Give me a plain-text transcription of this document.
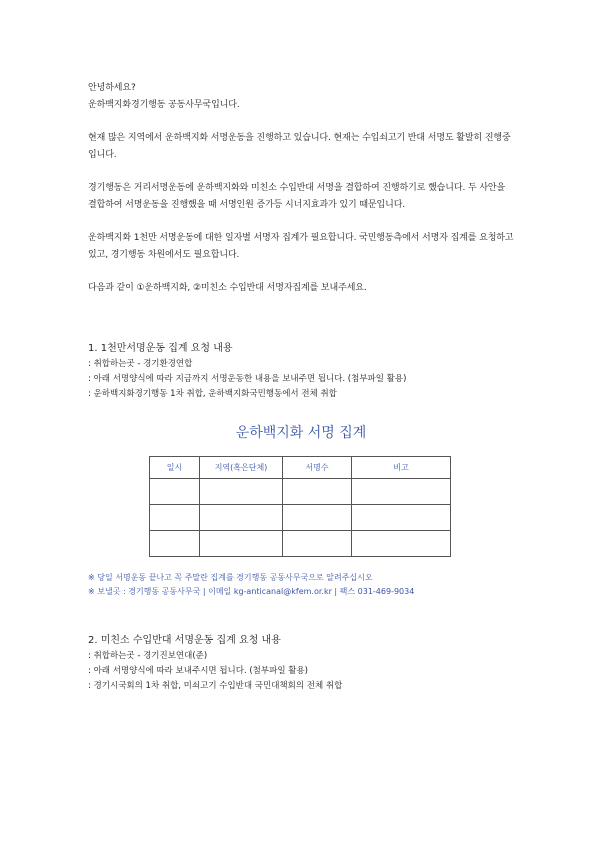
안녕하세요?

운하백지화경기행동 공동사무국입니다.

현재 많은 지역에서 운하백지화 서명운동을 진행하고 있습니다. 현재는 수입쇠고기 반대 서명도 활발히 진행중입니다.

경기행동은 거리서명운동에 운하백지화와 미친소 수입반대 서명을 결합하여 진행하기로 했습니다. 두 사안을 결합하여 서명운동을 진행했을 때 서명인원 증가등 시너지효과가 있기 때문입니다.

운하백지화 1천만 서명운동에 대한 일자별 서명자 집계가 필요합니다. 국민행동측에서 서명자 집계를 요청하고 있고, 경기행동 차원에서도 필요합니다.

다음과 같이 ①운하백지화, ②미친소 수입반대 서명자집계를 보내주세요.

1. 1천만서명운동 집계 요청 내용

: 취합하는곳 - 경기환경연합

: 아래 서명양식에 따라 지금까지 서명운동한 내용을 보내주면 됩니다. (첨부파일 활용)

: 운하백지화경기행동 1차 취합, 운하백지화국민행동에서 전체 취합

운하백지화 서명 집계

일시	지역(혹은단체)	서명수	비고

※ 당일 서명운동 끝나고 꼭 주말란 집계를 경기행동 공동사무국으로 알려주십시오

※ 보낼곳 : 경기행동 공동사무국 | 이메일 kg-anticanal@kfem.or.kr | 팩스 031-469-9034

2. 미친소 수입반대 서명운동 집계 요청 내용

: 취합하는곳 - 경기진보연대(준)

: 아래 서명양식에 따라 보내주시면 됩니다. (첨부파일 활용)

: 경기시국회의 1차 취합, 미쇠고기 수입반대 국민대책회의 전체 취합
